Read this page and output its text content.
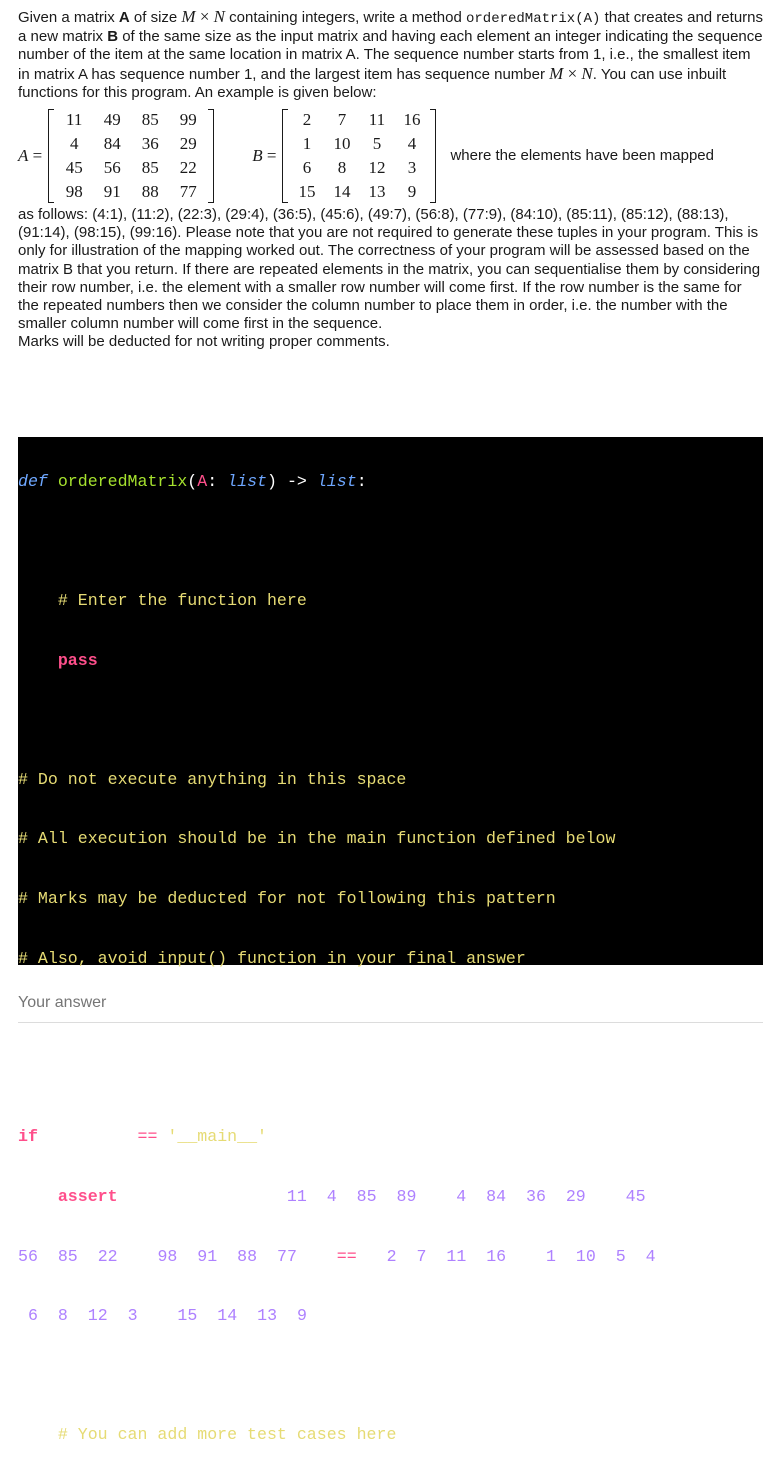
Given a matrix A of size M × N containing integers, write a method orderedMatrix(A) that creates and returns a new matrix B of the same size as the input matrix and having each element an integer indicating the sequence number of the item at the same location in matrix A. The sequence number starts from 1, i.e., the smallest item in matrix A has sequence number 1, and the largest item has sequence number M × N. You can use inbuilt functions for this program. An example is given below:

A =
11	49	85	99
4	84	36	29
45	56	85	22
98	91	88	77
B =
2	7	11	16
1	10	5	4
6	8	12	3
15	14	13	9
where the elements have been mapped

as follows: (4:1), (11:2), (22:3), (29:4), (36:5), (45:6), (49:7), (56:8), (77:9), (84:10), (85:11), (85:12), (88:13), (91:14), (98:15), (99:16). Please note that you are not required to generate these tuples in your program. This is only for illustration of the mapping worked out. The correctness of your program will be assessed based on the matrix B that you return. If there are repeated elements in the matrix, you can sequentialise them by considering their row number, i.e. the element with a smaller row number will come first. If the row number is the same for the repeated numbers then we consider the column number to place them in order, i.e. the number with the smaller column number will come first in the sequence.

Marks will be deducted for not writing proper comments.

def orderedMatrix(A: list) -> list:

# Enter the function here

pass

# Do not execute anything in this space

# All execution should be in the main function defined below

# Marks may be deducted for not following this pattern

# Also, avoid input() function in your final answer

if __name__ == '__main__':

assert orderedMatrix([[11, 4, 85, 89], [4, 84, 36, 29], [45,

56, 85, 22], [98, 91, 88, 77]]) == [[2, 7, 11, 16], [1, 10, 5, 4],

[6, 8, 12, 3], [15, 14, 13, 9]]

# You can add more test cases here

Your answer
